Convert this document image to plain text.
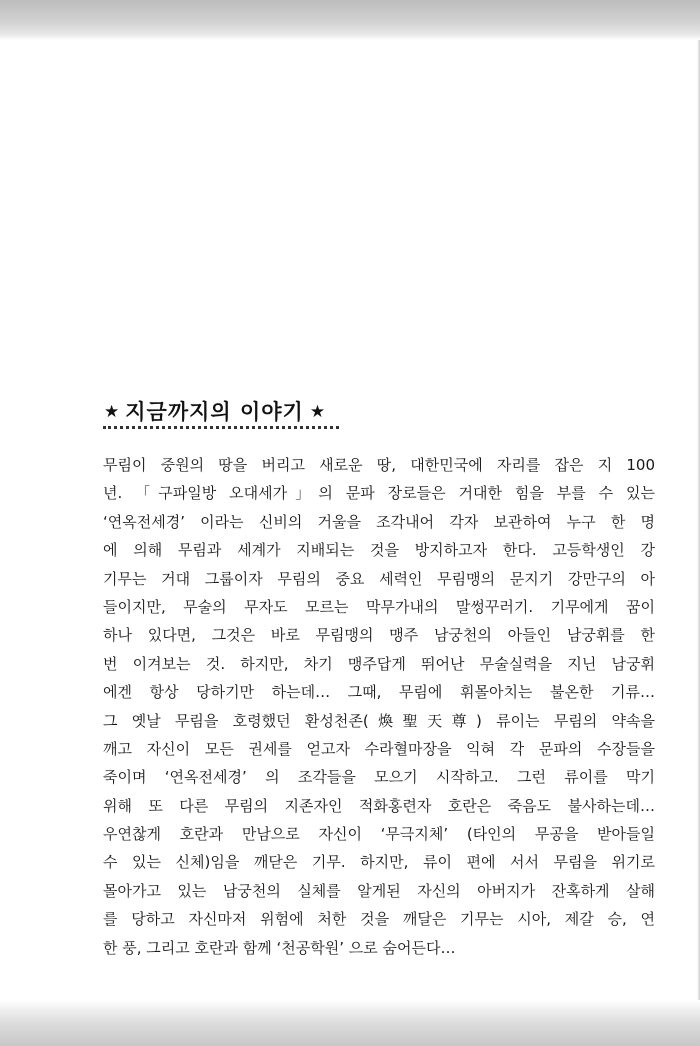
★ 지금까지의 이야기 ★
무림이 중원의 땅을 버리고 새로운 땅, 대한민국에 자리를 잡은 지 100
년. 「구파일방 오대세가」의 문파 장로들은 거대한 힘을 부를 수 있는
‘연옥전세경’ 이라는 신비의 거울을 조각내어 각자 보관하여 누구 한 명
에 의해 무림과 세계가 지배되는 것을 방지하고자 한다. 고등학생인 강
기무는 거대 그룹이자 무림의 중요 세력인 무림맹의 문지기 강만구의 아
들이지만, 무술의 무자도 모르는 막무가내의 말썽꾸러기. 기무에게 꿈이
하나 있다면, 그것은 바로 무림맹의 맹주 남궁천의 아들인 남궁휘를 한
번 이겨보는 것. 하지만, 차기 맹주답게 뛰어난 무술실력을 지닌 남궁휘
에겐 항상 당하기만 하는데… 그때, 무림에 휘몰아치는 불온한 기류…
그 옛날 무림을 호령했던 환성천존(煥聖天尊) 류이는 무림의 약속을
깨고 자신이 모든 권세를 얻고자 수라혈마장을 익혀 각 문파의 수장들을
죽이며 ‘연옥전세경’ 의 조각들을 모으기 시작하고. 그런 류이를 막기
위해 또 다른 무림의 지존자인 적화홍련자 호란은 죽음도 불사하는데…
우연찮게 호란과 만남으로 자신이 ‘무극지체’ (타인의 무공을 받아들일
수 있는 신체)임을 깨닫은 기무. 하지만, 류이 편에 서서 무림을 위기로
몰아가고 있는 남궁천의 실체를 알게된 자신의 아버지가 잔혹하게 살해
를 당하고 자신마저 위험에 처한 것을 깨달은 기무는 시아, 제갈 승, 연
한 풍, 그리고 호란과 함께 ‘천공학원’ 으로 숨어든다…
